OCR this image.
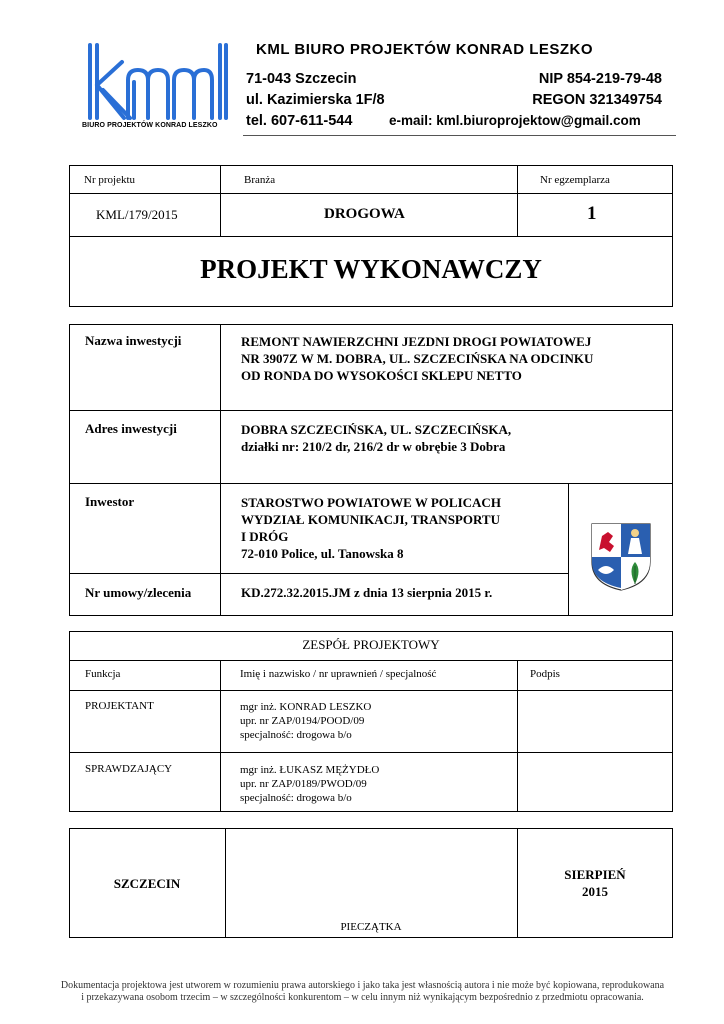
BIURO PROJEKTÓW KONRAD LESZKO
KML BIURO PROJEKTÓW KONRAD LESZKO
71-043 Szczecin
ul. Kazimierska 1F/8
tel. 607-611-544
NIP 854-219-79-48
REGON 321349754
e-mail: kml.biuroprojektow@gmail.com
Nr projektu	Branża	Nr egzemplarza
KML/179/2015	DROGOWA	1
PROJEKT WYKONAWCZY
Nazwa inwestycji	REMONT NAWIERZCHNI JEZDNI DROGI POWIATOWEJ
NR 3907Z W M. DOBRA, UL. SZCZECIŃSKA NA ODCINKU
OD RONDA DO WYSOKOŚCI SKLEPU NETTO
Adres inwestycji	DOBRA SZCZECIŃSKA, UL. SZCZECIŃSKA,
działki nr: 210/2 dr, 216/2 dr w obrębie 3 Dobra
Inwestor	STAROSTWO POWIATOWE W POLICACH
WYDZIAŁ KOMUNIKACJI, TRANSPORTU
I DRÓG
72-010 Police, ul. Tanowska 8
Nr umowy/zlecenia	KD.272.32.2015.JM z dnia 13 sierpnia 2015 r.
ZESPÓŁ PROJEKTOWY
Funkcja	Imię i nazwisko / nr uprawnień / specjalność	Podpis
PROJEKTANT	mgr inż. KONRAD LESZKO
upr. nr ZAP/0194/POOD/09
specjalność: drogowa b/o
SPRAWDZAJĄCY	mgr inż. ŁUKASZ MĘŻYDŁO
upr. nr ZAP/0189/PWOD/09
specjalność: drogowa b/o
SZCZECIN
PIECZĄTKA
SIERPIEŃ
2015
Dokumentacja projektowa jest utworem w rozumieniu prawa autorskiego i jako taka jest własnością autora i nie może być kopiowana, reprodukowana
i przekazywana osobom trzecim – w szczególności konkurentom – w celu innym niż wynikającym bezpośrednio z przedmiotu opracowania.
